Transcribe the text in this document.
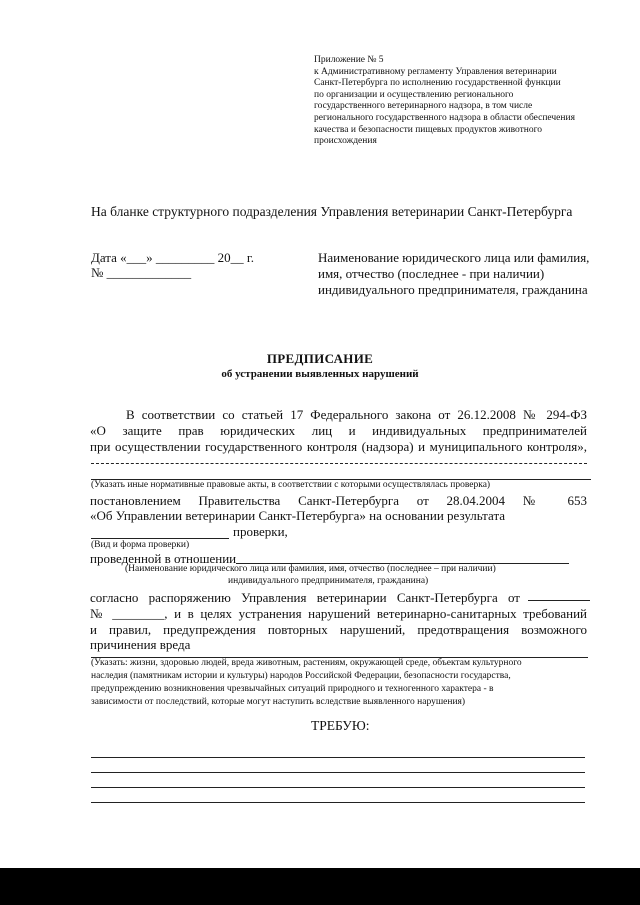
Приложение № 5
к Административному регламенту Управления ветеринарии
Санкт-Петербурга по исполнению государственной функции
по организации и осуществлению регионального
государственного ветеринарного надзора, в том числе
регионального государственного надзора в области обеспечения
качества и безопасности пищевых продуктов животного
происхождения
На бланке структурного подразделения Управления ветеринарии Санкт-Петербурга
Дата «___» _________ 20__ г.
№ _____________
Наименование юридического лица или фамилия,
имя, отчество (последнее - при наличии)
индивидуального предпринимателя, гражданина
ПРЕДПИСАНИЕ
об устранении выявленных нарушений
В соответствии со статьей 17 Федерального закона от 26.12.2008 № 294-ФЗ
«О защите прав юридических лиц и индивидуальных предпринимателей
при осуществлении государственного контроля (надзора) и муниципального контроля»,
(Указать иные нормативные правовые акты, в соответствии с которыми осуществлялась проверка)
постановлением Правительства Санкт-Петербурга от 28.04.2004 № 653
«Об Управлении ветеринарии Санкт-Петербурга» на основании результата
проверки,
(Вид и форма проверки)
проведенной в отношении
(Наименование юридического лица или фамилия, имя, отчество (последнее – при наличии)
индивидуального предпринимателя, гражданина)
согласно распоряжению Управления ветеринарии Санкт-Петербурга от
№ ________, и в целях устранения нарушений ветеринарно-санитарных требований
и правил, предупреждения повторных нарушений, предотвращения возможного
причинения вреда
(Указать: жизни, здоровью людей, вреда животным, растениям, окружающей среде, объектам культурного
наследия (памятникам истории и культуры) народов Российской Федерации, безопасности государства,
предупреждению возникновения чрезвычайных ситуаций природного и техногенного характера - в
зависимости от последствий, которые могут наступить вследствие выявленного нарушения)
ТРЕБУЮ:
